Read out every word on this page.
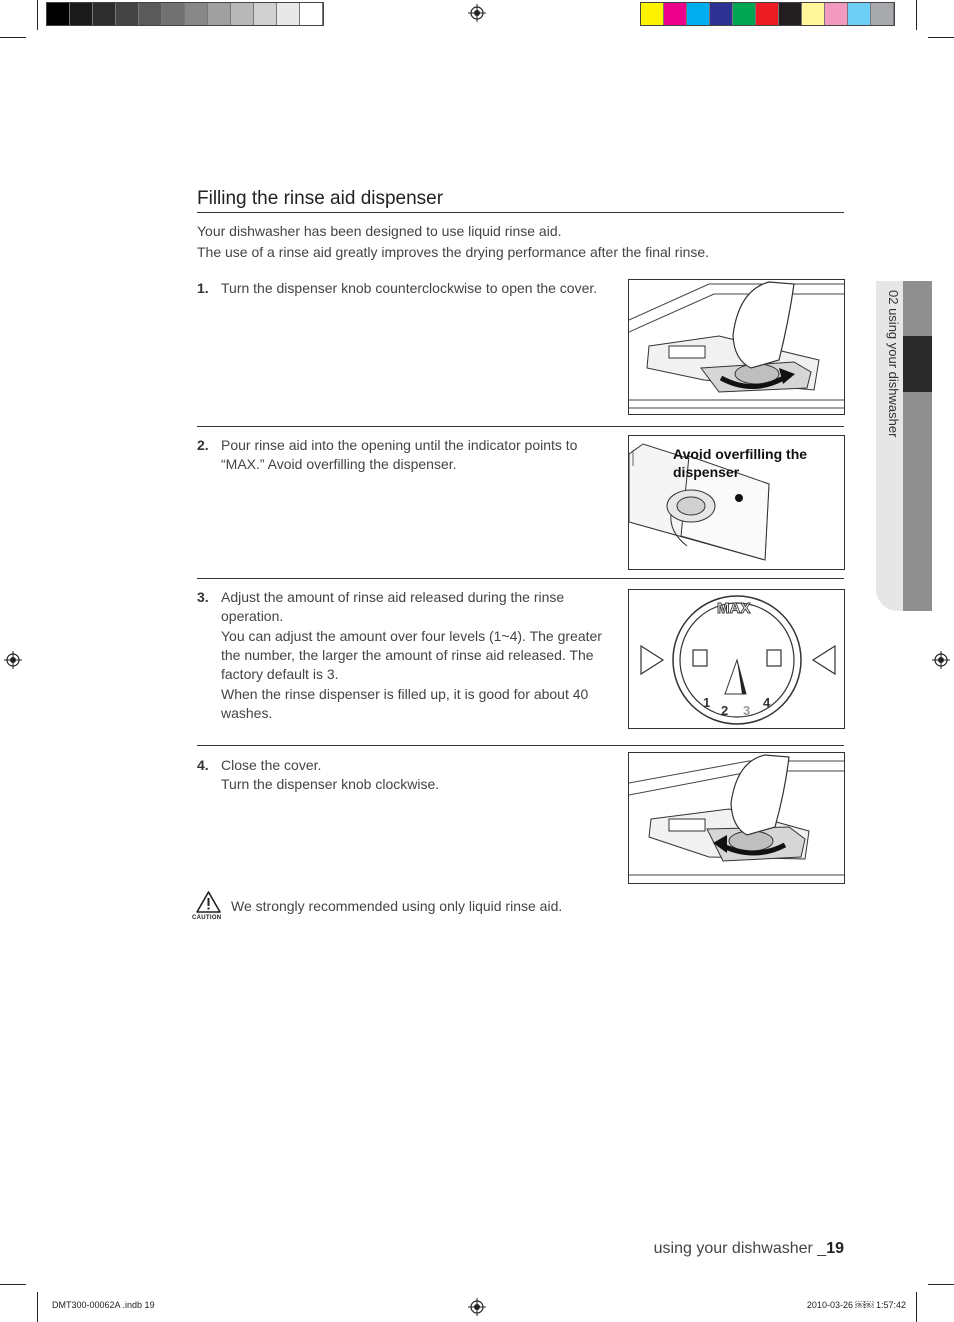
Filling the rinse aid dispenser
Your dishwasher has been designed to use liquid rinse aid.
The use of a rinse aid greatly improves the drying performance after the final rinse.
1. Turn the dispenser knob counterclockwise to open the cover.

2. Pour rinse aid into the opening until the indicator points to “MAX.” Avoid overfilling the dispenser.

Avoid overfilling the dispenser
3. Adjust the amount of rinse aid released during the rinse operation.

You can adjust the amount over four levels (1~4). The greater the number, the larger the amount of rinse aid released. The factory default is 3.

When the rinse dispenser is filled up, it is good for about 40 washes.

MAX
1
2 3
4
4. Close the cover.

Turn the dispenser knob clockwise.

CAUTION
We strongly recommended using only liquid rinse aid.
02 using your dishwasher
using your dishwasher _19
DMT300-00062A .indb 19	2010-03-26 ￼￼ 1:57:42
